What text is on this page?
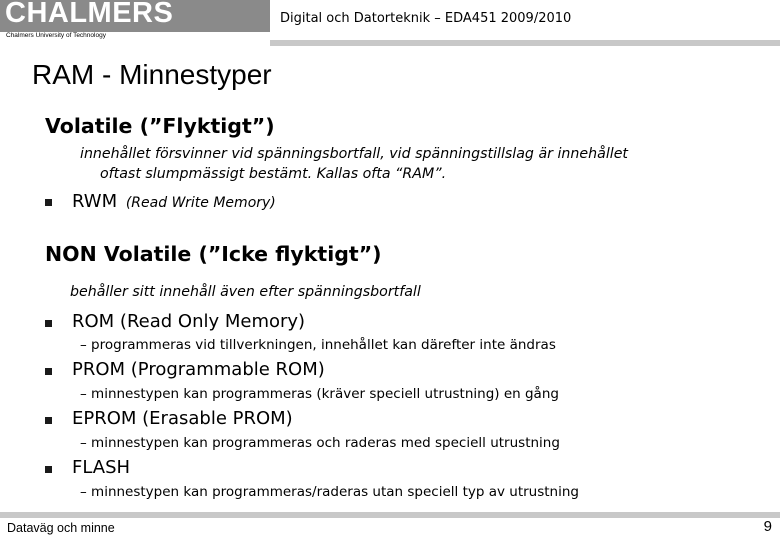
CHALMERS
Chalmers University of Technology
Digital och Datorteknik – EDA451 2009/2010
RAM - Minnestyper
Volatile (”Flyktigt”)
innehållet försvinner vid spänningsbortfall, vid spänningstillslag är innehållet
oftast slumpmässigt bestämt. Kallas ofta “RAM”.
RWM (Read Write Memory)
NON Volatile (”Icke flyktigt”)
behåller sitt innehåll även efter spänningsbortfall
ROM (Read Only Memory)
– programmeras vid tillverkningen, innehållet kan därefter inte ändras
PROM (Programmable ROM)
– minnestypen kan programmeras (kräver speciell utrustning) en gång
EPROM (Erasable PROM)
– minnestypen kan programmeras och raderas med speciell utrustning
FLASH
– minnestypen kan programmeras/raderas utan speciell typ av utrustning
Dataväg och minne	9
